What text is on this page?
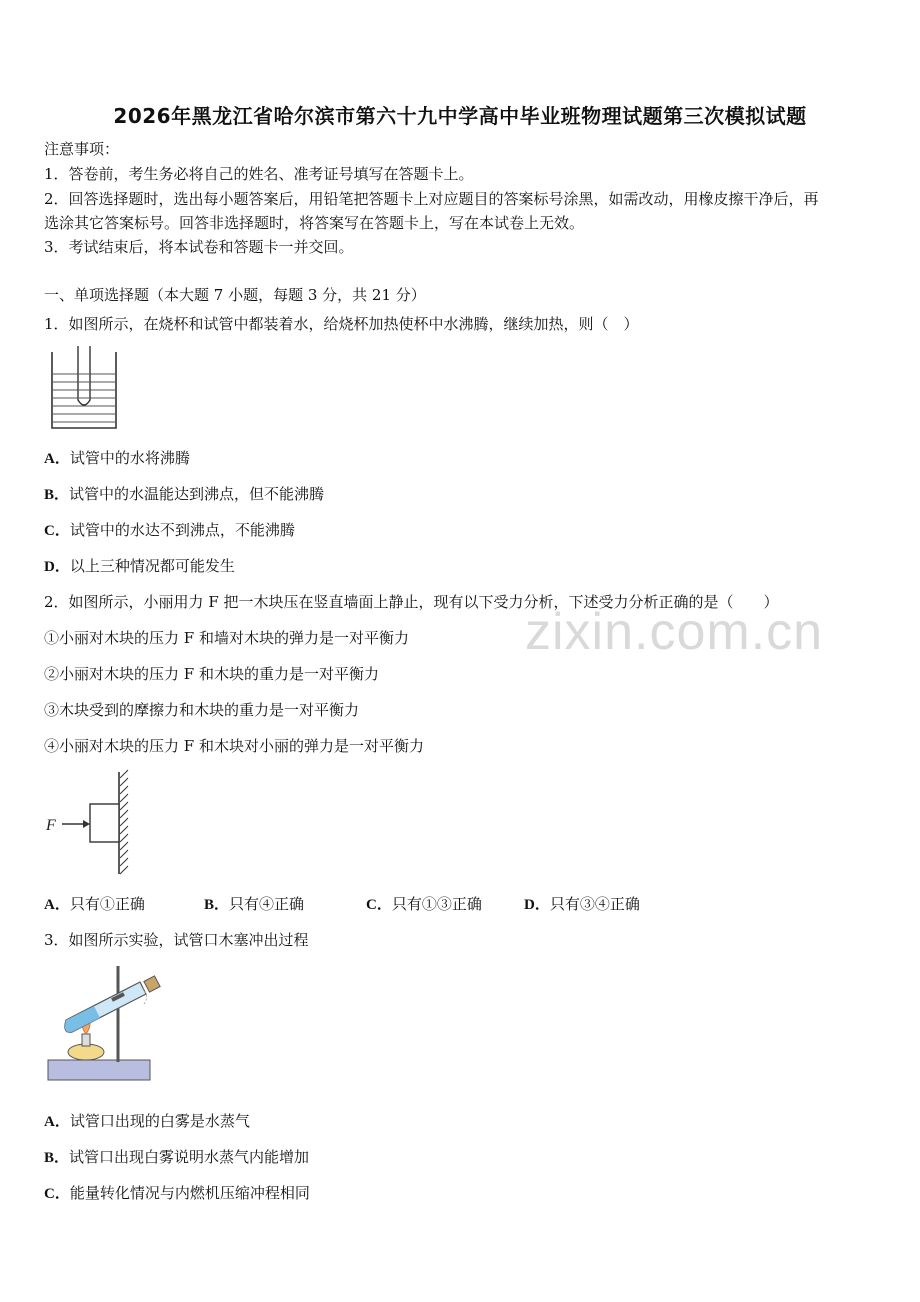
2026年黑龙江省哈尔滨市第六十九中学高中毕业班物理试题第三次模拟试题
注意事项：
1．答卷前，考生务必将自己的姓名、准考证号填写在答题卡上。
2．回答选择题时，选出每小题答案后，用铅笔把答题卡上对应题目的答案标号涂黑，如需改动，用橡皮擦干净后，再
选涂其它答案标号。回答非选择题时，将答案写在答题卡上，写在本试卷上无效。
3．考试结束后，将本试卷和答题卡一并交回。
一、单项选择题（本大题 7 小题，每题 3 分，共 21 分）
1．如图所示，在烧杯和试管中都装着水，给烧杯加热使杯中水沸腾，继续加热，则（　）
A．试管中的水将沸腾
B．试管中的水温能达到沸点，但不能沸腾
C．试管中的水达不到沸点，不能沸腾
D．以上三种情况都可能发生
2．如图所示，小丽用力 F 把一木块压在竖直墙面上静止，现有以下受力分析，下述受力分析正确的是（　　）
zixin.com.cn
①小丽对木块的压力 F 和墙对木块的弹力是一对平衡力
②小丽对木块的压力 F 和木块的重力是一对平衡力
③木块受到的摩擦力和木块的重力是一对平衡力
④小丽对木块的压力 F 和木块对小丽的弹力是一对平衡力
F
A．只有①正确	B．只有④正确	C．只有①③正确	D．只有③④正确
3．如图所示实验，试管口木塞冲出过程
A．试管口出现的白雾是水蒸气
B．试管口出现白雾说明水蒸气内能增加
C．能量转化情况与内燃机压缩冲程相同
